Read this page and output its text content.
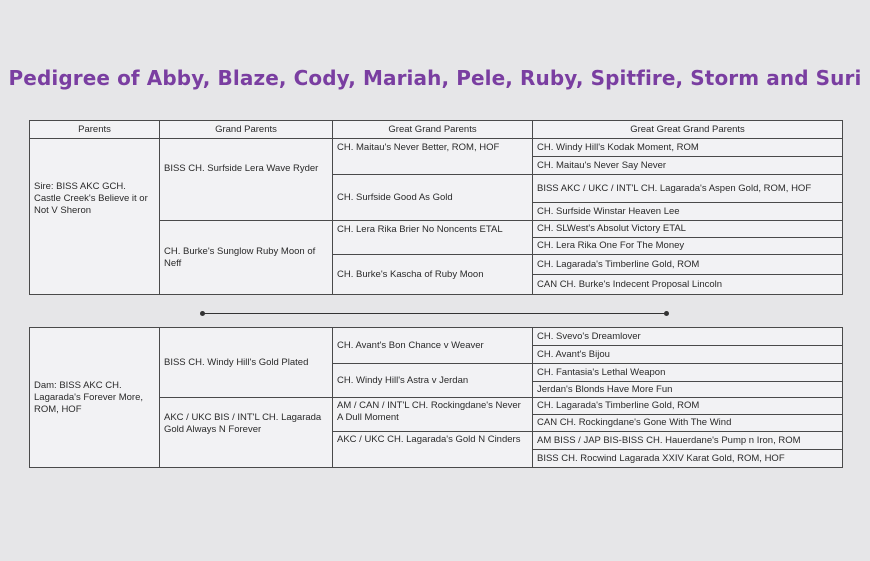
Pedigree of Abby, Blaze, Cody, Mariah, Pele, Ruby, Spitfire, Storm and Suri
Parents	Grand Parents	Great Grand Parents	Great Great Grand Parents
Sire: BISS AKC GCH. Castle Creek's Believe it or Not V Sheron	BISS CH. Surfside Lera Wave Ryder	CH. Maitau's Never Better, ROM, HOF	CH. Windy Hill's Kodak Moment, ROM
			CH. Maitau's Never Say Never
		CH. Surfside Good As Gold	BISS AKC / UKC / INT'L CH. Lagarada's Aspen Gold, ROM, HOF
			CH. Surfside Winstar Heaven Lee
	CH. Burke's Sunglow Ruby Moon of Neff	CH. Lera Rika Brier No Noncents ETAL	CH. SLWest's Absolut Victory ETAL
			CH. Lera Rika One For The Money
		CH. Burke's Kascha of Ruby Moon	CH. Lagarada's Timberline Gold, ROM
			CAN CH. Burke's Indecent Proposal Lincoln
Dam: BISS AKC CH. Lagarada's Forever More, ROM, HOF	BISS CH. Windy Hill's Gold Plated	CH. Avant's Bon Chance v Weaver	CH. Svevo's Dreamlover
			CH. Avant's Bijou
		CH. Windy Hill's Astra v Jerdan	CH. Fantasia's Lethal Weapon
			Jerdan's Blonds Have More Fun
	AKC / UKC BIS / INT'L CH. Lagarada Gold Always N Forever	AM / CAN / INT'L CH. Rockingdane's Never A Dull Moment	CH. Lagarada's Timberline Gold, ROM
			CAN CH. Rockingdane's Gone With The Wind
		AKC / UKC CH. Lagarada's Gold N Cinders	AM BISS / JAP BIS-BISS CH. Hauerdane's Pump n Iron, ROM
			BISS CH. Rocwind Lagarada XXIV Karat Gold, ROM, HOF
